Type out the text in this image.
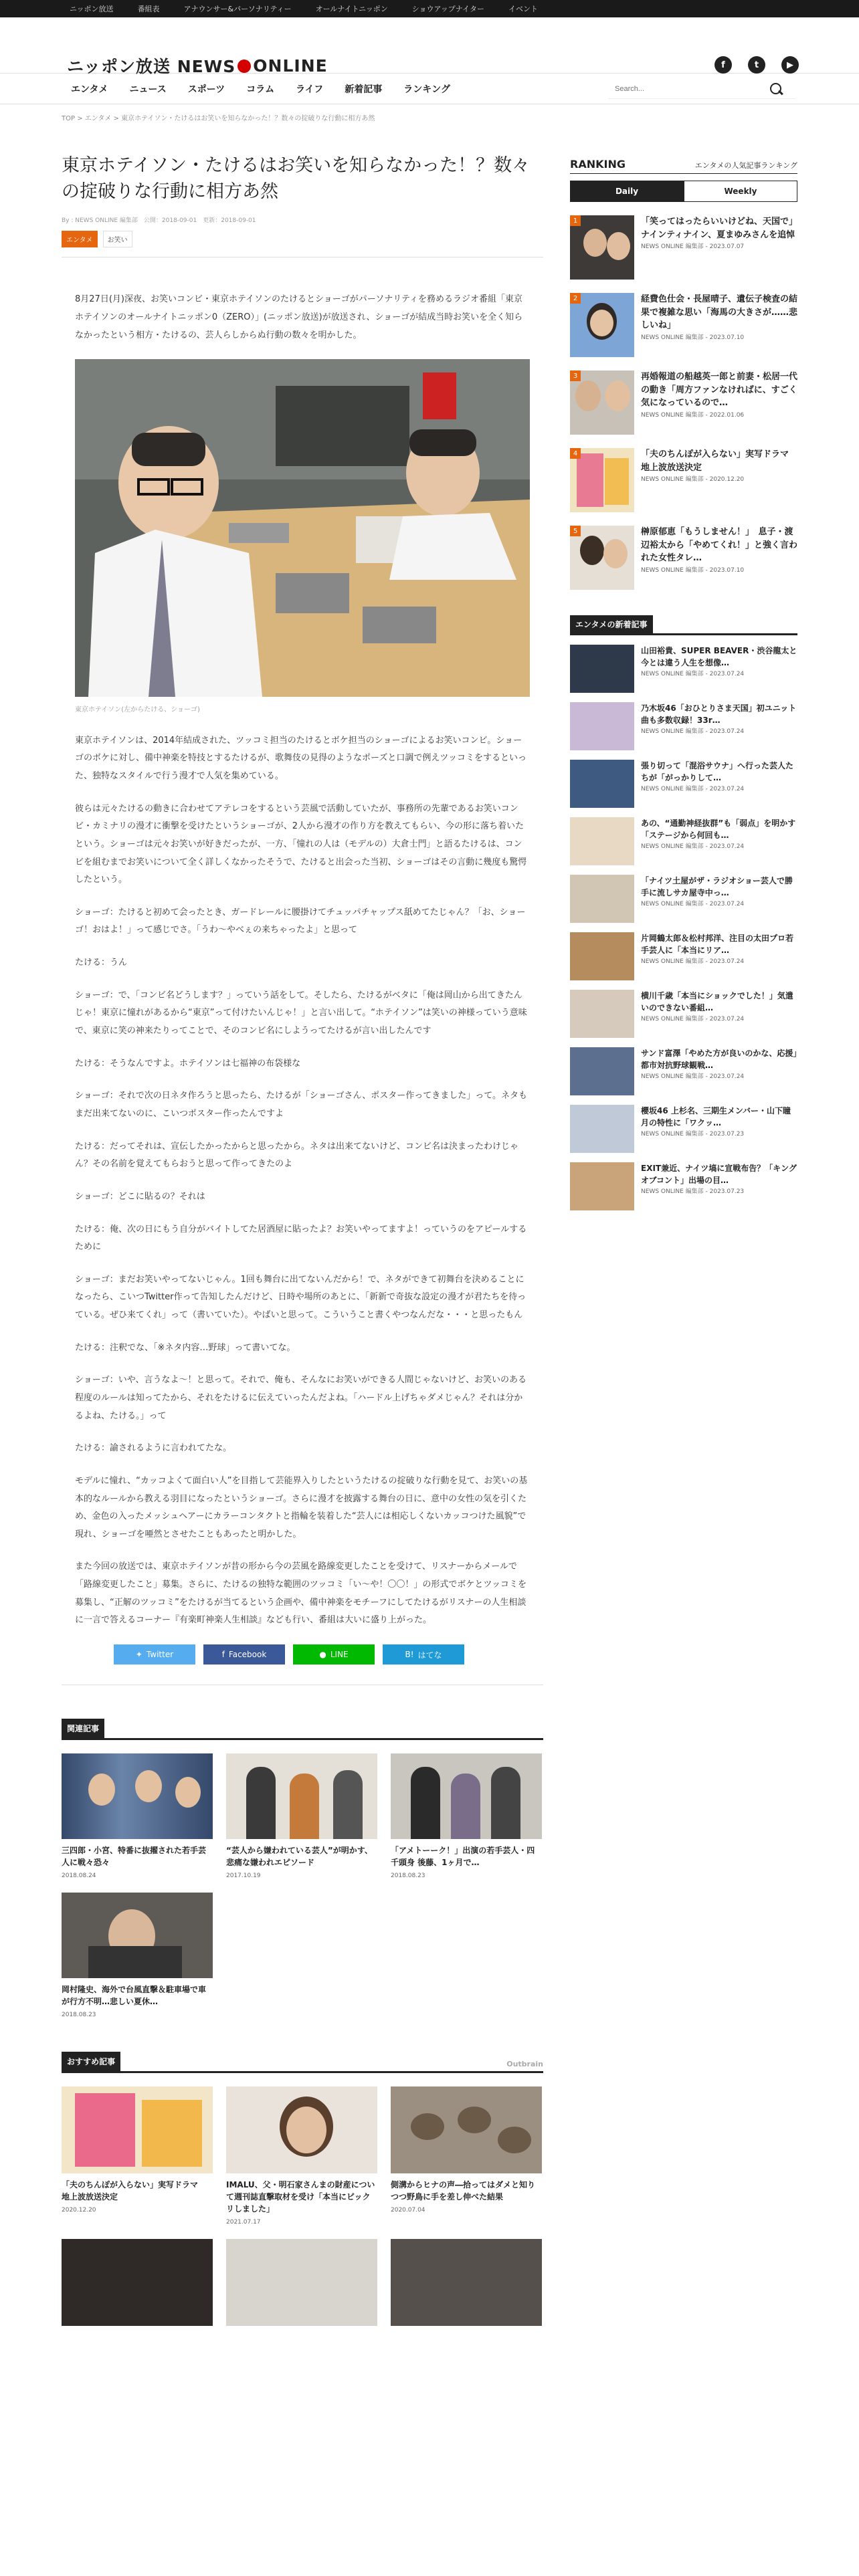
ニッポン放送	番組表	アナウンサー&パーソナリティー	オールナイトニッポン	ショウアップナイター	イベント
ニッポン放送 NEWS ONLINE	f	t	▶
エンタメ ニュース スポーツ コラム ライフ 新着記事 ランキング
Search...
TOP > エンタメ > 東京ホテイソン・たけるはお笑いを知らなかった！？数々の掟破りな行動に相方あ然
東京ホテイソン・たけるはお笑いを知らなかった！？数々の掟破りな行動に相方あ然
By : NEWS ONLINE 編集部　公開：2018-09-01　更新：2018-09-01
エンタメ	お笑い

8月27日(月)深夜、お笑いコンビ・東京ホテイソンのたけるとショーゴがパーソナリティを務めるラジオ番組「東京ホテイソンのオールナイトニッポン0（ZERO）」(ニッポン放送)が放送され、ショーゴが結成当時お笑いを全く知らなかったという相方・たけるの、芸人らしからぬ行動の数々を明かした。

東京ホテイソン(左からたける、ショーゴ)

東京ホテイソンは、2014年結成された、ツッコミ担当のたけるとボケ担当のショーゴによるお笑いコンビ。ショーゴのボケに対し、備中神楽を特技とするたけるが、歌舞伎の見得のようなポーズと口調で例えツッコミをするといった、独特なスタイルで行う漫才で人気を集めている。

彼らは元々たけるの動きに合わせてアテレコをするという芸風で活動していたが、事務所の先輩であるお笑いコンビ・カミナリの漫才に衝撃を受けたというショーゴが、2人から漫才の作り方を教えてもらい、今の形に落ち着いたという。ショーゴは元々お笑いが好きだったが、一方、「憧れの人は（モデルの）大倉士門」と語るたけるは、コンビを組むまでお笑いについて全く詳しくなかったそうで、たけると出会った当初、ショーゴはその言動に幾度も驚愕したという。

ショーゴ：たけると初めて会ったとき、ガードレールに腰掛けてチュッパチャップス舐めてたじゃん？「お、ショーゴ！おはよ！」って感じでさ。「うわ〜やべぇの来ちゃったよ」と思って

たける：うん

ショーゴ：で、「コンビ名どうします？」っていう話をして。そしたら、たけるがベタに「俺は岡山から出てきたんじゃ！東京に憧れがあるから“東京”って付けたいんじゃ！」と言い出して。“ホテイソン”は笑いの神様っていう意味で、東京に笑の神来たりってことで、そのコンビ名にしようってたけるが言い出したんです

たける：そうなんですよ。ホテイソンは七福神の布袋様な

ショーゴ：それで次の日ネタ作ろうと思ったら、たけるが「ショーゴさん、ポスター作ってきました」って。ネタもまだ出来てないのに、こいつポスター作ったんですよ

たける：だってそれは、宣伝したかったからと思ったから。ネタは出来てないけど、コンビ名は決まったわけじゃん？その名前を覚えてもらおうと思って作ってきたのよ

ショーゴ：どこに貼るの？それは

たける：俺、次の日にもう自分がバイトしてた居酒屋に貼ったよ？お笑いやってますよ！っていうのをアピールするために

ショーゴ：まだお笑いやってないじゃん。1回も舞台に出てないんだから！で、ネタができて初舞台を決めることになったら、こいつTwitter作って告知したんだけど、日時や場所のあとに、「新新で奇抜な設定の漫才が君たちを待っている。ぜひ来てくれ」って（書いていた）。やばいと思って。こういうこと書くやつなんだな・・・と思ったもん

たける：注釈でな、「※ネタ内容…野球」って書いてな。

ショーゴ：いや、言うなよ〜！と思って。それで、俺も、そんなにお笑いができる人間じゃないけど、お笑いのある程度のルールは知ってたから、それをたけるに伝えていったんだよね。「ハードル上げちゃダメじゃん？それは分かるよね、たける。」って

たける：諭されるように言われてたな。

モデルに憧れ、“カッコよくて面白い人”を目指して芸能界入りしたというたけるの掟破りな行動を見て、お笑いの基本的なルールから教える羽目になったというショーゴ。さらに漫才を披露する舞台の日に、意中の女性の気を引くため、金色の入ったメッシュヘアーにカラーコンタクトと指輪を装着した“芸人には相応しくないカッコつけた風貌”で現れ、ショーゴを唖然とさせたこともあったと明かした。

また今回の放送では、東京ホテイソンが昔の形から今の芸風を路線変更したことを受けて、リスナーからメールで「路線変更したこと」募集。さらに、たけるの独特な範囲のツッコミ「い〜や！〇〇！」の形式でボケとツッコミを募集し、“正解のツッコミ”をたけるが当てるという企画や、備中神楽をモチーフにしてたけるがリスナーの人生相談に一言で答えるコーナー『有楽町神楽人生相談』なども行い、番組は大いに盛り上がった。

✦ Twitter	f Facebook	● LINE	B! はてな
関連記事
三四郎・小宮、特番に抜擢された若手芸人に戦々恐々
2018.08.24
“芸人から嫌われている芸人”が明かす、悲痛な嫌われエピソード
2017.10.19
「アメトーーク！」出演の若手芸人・四千頭身 後藤、1ヶ月で…
2018.08.23
岡村隆史、海外で台風直撃＆駐車場で車が行方不明…悲しい夏休…
2018.08.23
おすすめ記事	Outbrain
「夫のちんぽが入らない」実写ドラマ　地上波放送決定
2020.12.20
IMALU、父・明石家さんまの財産について週刊誌直撃取材を受け「本当にビックリしました」
2021.07.17
側溝からヒナの声―拾ってはダメと知りつつ野鳥に手を差し伸べた結果
2020.07.04
RANKING	エンタメの人気記事ランキング
Daily	Weekly
1	「笑ってはったらいいけどね、天国で」ナインティナイン、夏まゆみさんを追悼
NEWS ONLINE 編集部 - 2023.07.07
2	経費色仕会・長屋晴子、遺伝子検査の結果で複雑な思い「海馬の大きさが……悲しいね」
NEWS ONLINE 編集部 - 2023.07.10
3	再婚報道の船越英一郎と前妻・松居一代の動き「周方ファンなければに、すごく気になっているので…
NEWS ONLINE 編集部 - 2022.01.06
4	「夫のちんぽが入らない」実写ドラマ　地上波放送決定
NEWS ONLINE 編集部 - 2020.12.20
5	榊原郁恵「もうしません！」　息子・渡辺裕太から「やめてくれ！」と強く言われた女性タレ…
NEWS ONLINE 編集部 - 2023.07.10
エンタメの新着記事
山田裕貴、SUPER BEAVER・渋谷龍太と今とは違う人生を想像…
NEWS ONLINE 編集部 - 2023.07.24
乃木坂46「おひとりさま天国」初ユニット曲も多数収録！33r…
NEWS ONLINE 編集部 - 2023.07.24
張り切って「混浴サウナ」へ行った芸人たちが「がっかりして…
NEWS ONLINE 編集部 - 2023.07.24
あの、“通勤神経抜群”も「弱点」を明かす「ステージから何回も…
NEWS ONLINE 編集部 - 2023.07.24
「ナイツ土屋がザ・ラジオショー芸人で勝手に流しサカ屋寺中っ…
NEWS ONLINE 編集部 - 2023.07.24
片岡鶴太郎＆松村邦洋、注目の太田プロ若手芸人に「本当にリア…
NEWS ONLINE 編集部 - 2023.07.24
横川千歳「本当にショックでした！」気遣いのできない番組…
NEWS ONLINE 編集部 - 2023.07.24
サンド富澤「やめた方が良いのかな、応援」都市対抗野球観戦…
NEWS ONLINE 編集部 - 2023.07.24
櫻坂46 上杉名、三期生メンバー・山下瞳月の特性に「ワクッ…
NEWS ONLINE 編集部 - 2023.07.23
EXIT兼近、ナイツ塙に宣戦布告？「キングオブコント」出場の目…
NEWS ONLINE 編集部 - 2023.07.23
